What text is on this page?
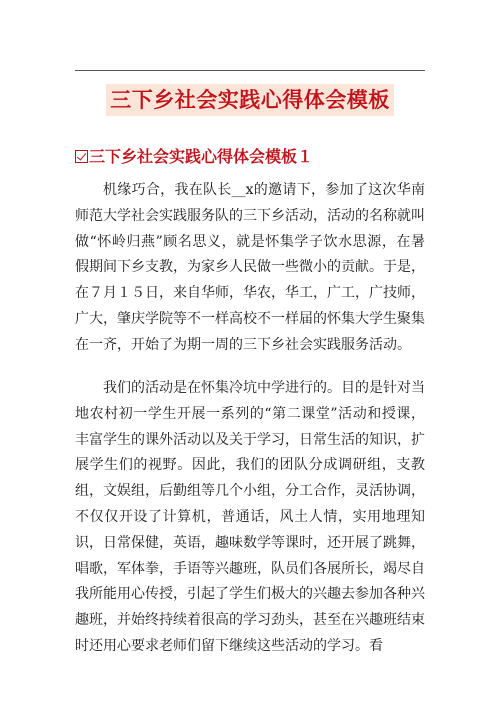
三下乡社会实践心得体会模板
三下乡社会实践心得体会模板１

机缘巧合，我在队长__x的邀请下，参加了这次华南师范大学社会实践服务队的三下乡活动，活动的名称就叫做“怀岭归燕”顾名思义，就是怀集学子饮水思源，在暑假期间下乡支教，为家乡人民做一些微小的贡献。于是，在７月１５日，来自华师，华农，华工，广工，广技师，广大，肇庆学院等不一样高校不一样届的怀集大学生聚集在一齐，开始了为期一周的三下乡社会实践服务活动。

我们的活动是在怀集冷坑中学进行的。目的是针对当地农村初一学生开展一系列的“第二课堂”活动和授课，丰富学生的课外活动以及关于学习，日常生活的知识，扩展学生们的视野。因此，我们的团队分成调研组，支教组，文娱组，后勤组等几个小组，分工合作，灵活协调，不仅仅开设了计算机，普通话，风土人情，实用地理知识，日常保健，英语，趣味数学等课时，还开展了跳舞，唱歌，军体拳，手语等兴趣班，队员们各展所长，竭尽自我所能用心传授，引起了学生们极大的兴趣去参加各种兴趣班，并始终持续着很高的学习劲头，甚至在兴趣班结束时还用心要求老师们留下继续这些活动的学习。看
